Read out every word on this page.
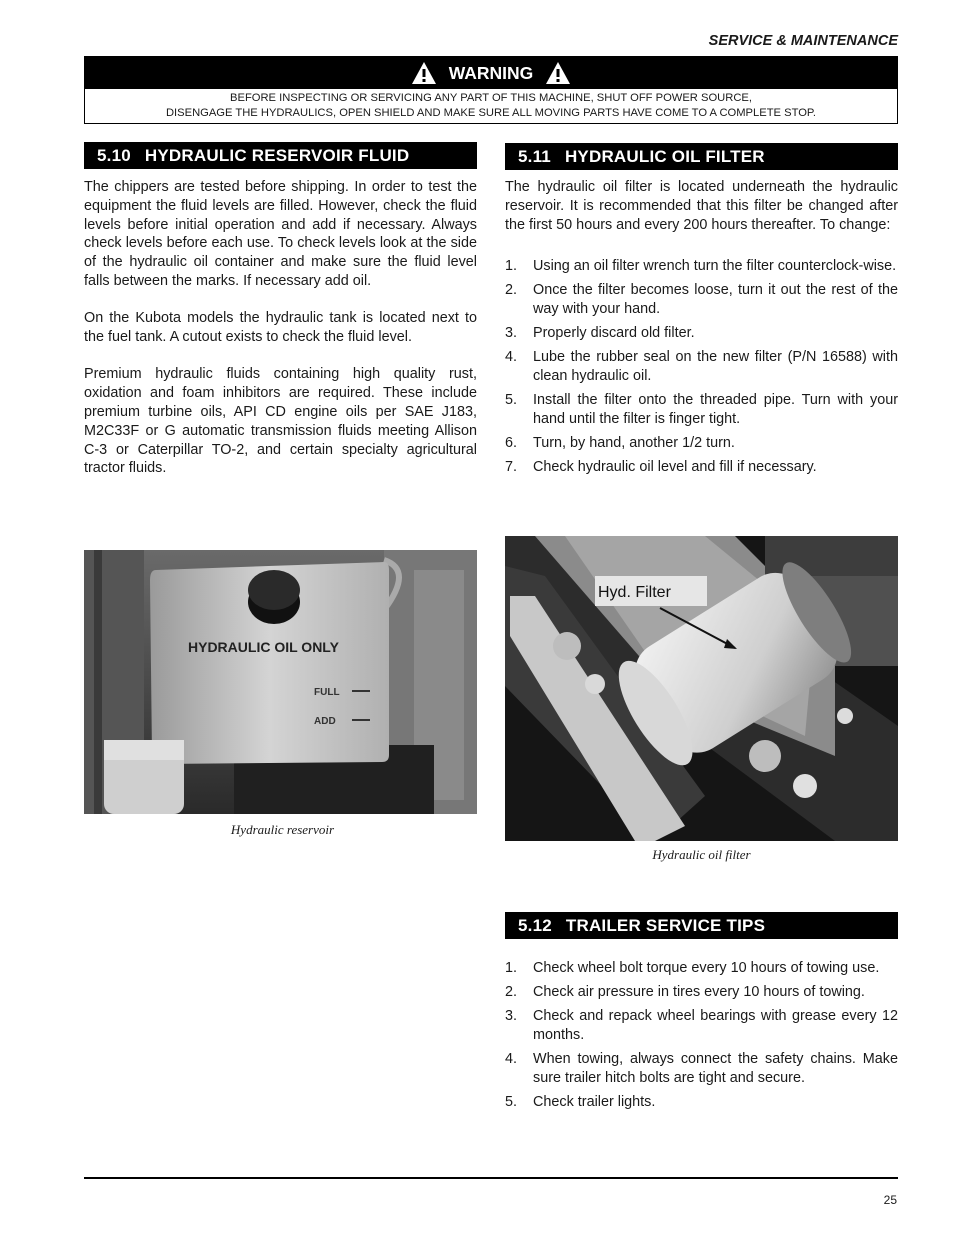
SERVICE & MAINTENANCE
WARNING
BEFORE INSPECTING OR SERVICING ANY PART OF THIS MACHINE, SHUT OFF POWER SOURCE,
DISENGAGE THE HYDRAULICS, OPEN SHIELD AND MAKE SURE ALL MOVING PARTS HAVE COME TO A COMPLETE STOP.
5.10 HYDRAULIC RESERVOIR FLUID

The chippers are tested before shipping. In order to test the equipment the fluid levels are filled. However, check the fluid levels before initial operation and add if necessary. Always check levels before each use. To check levels look at the side of the hydraulic oil container and make sure the fluid level falls between the marks. If necessary add oil.

On the Kubota models the hydraulic tank is located next to the fuel tank. A cutout exists to check the fluid level.

Premium hydraulic fluids containing high quality rust, oxidation and foam inhibitors are required. These include premium turbine oils, API CD engine oils per SAE J183, M2C33F or G automatic transmission fluids meeting Allison C-3 or Caterpillar TO-2, and certain specialty agricultural tractor fluids.

HYDRAULIC OIL ONLY
FULL
ADD
Hydraulic reservoir
5.11 HYDRAULIC OIL FILTER

The hydraulic oil filter is located underneath the hydraulic reservoir. It is recommended that this filter be changed after the first 50 hours and every 200 hours thereafter. To change:

1. Using an oil filter wrench turn the filter counterclock-wise.
2. Once the filter becomes loose, turn it out the rest of the way with your hand.
3. Properly discard old filter.
4. Lube the rubber seal on the new filter (P/N 16588) with clean hydraulic oil.
5. Install the filter onto the threaded pipe. Turn with your hand until the filter is finger tight.
6. Turn, by hand, another 1/2 turn.
7. Check hydraulic oil level and fill if necessary.
Hyd. Filter
Hydraulic oil filter
5.12 TRAILER SERVICE TIPS
1. Check wheel bolt torque every 10 hours of towing use.
2. Check air pressure in tires every 10 hours of towing.
3. Check and repack wheel bearings with grease every 12 months.
4. When towing, always connect the safety chains. Make sure trailer hitch bolts are tight and secure.
5. Check trailer lights.
25
